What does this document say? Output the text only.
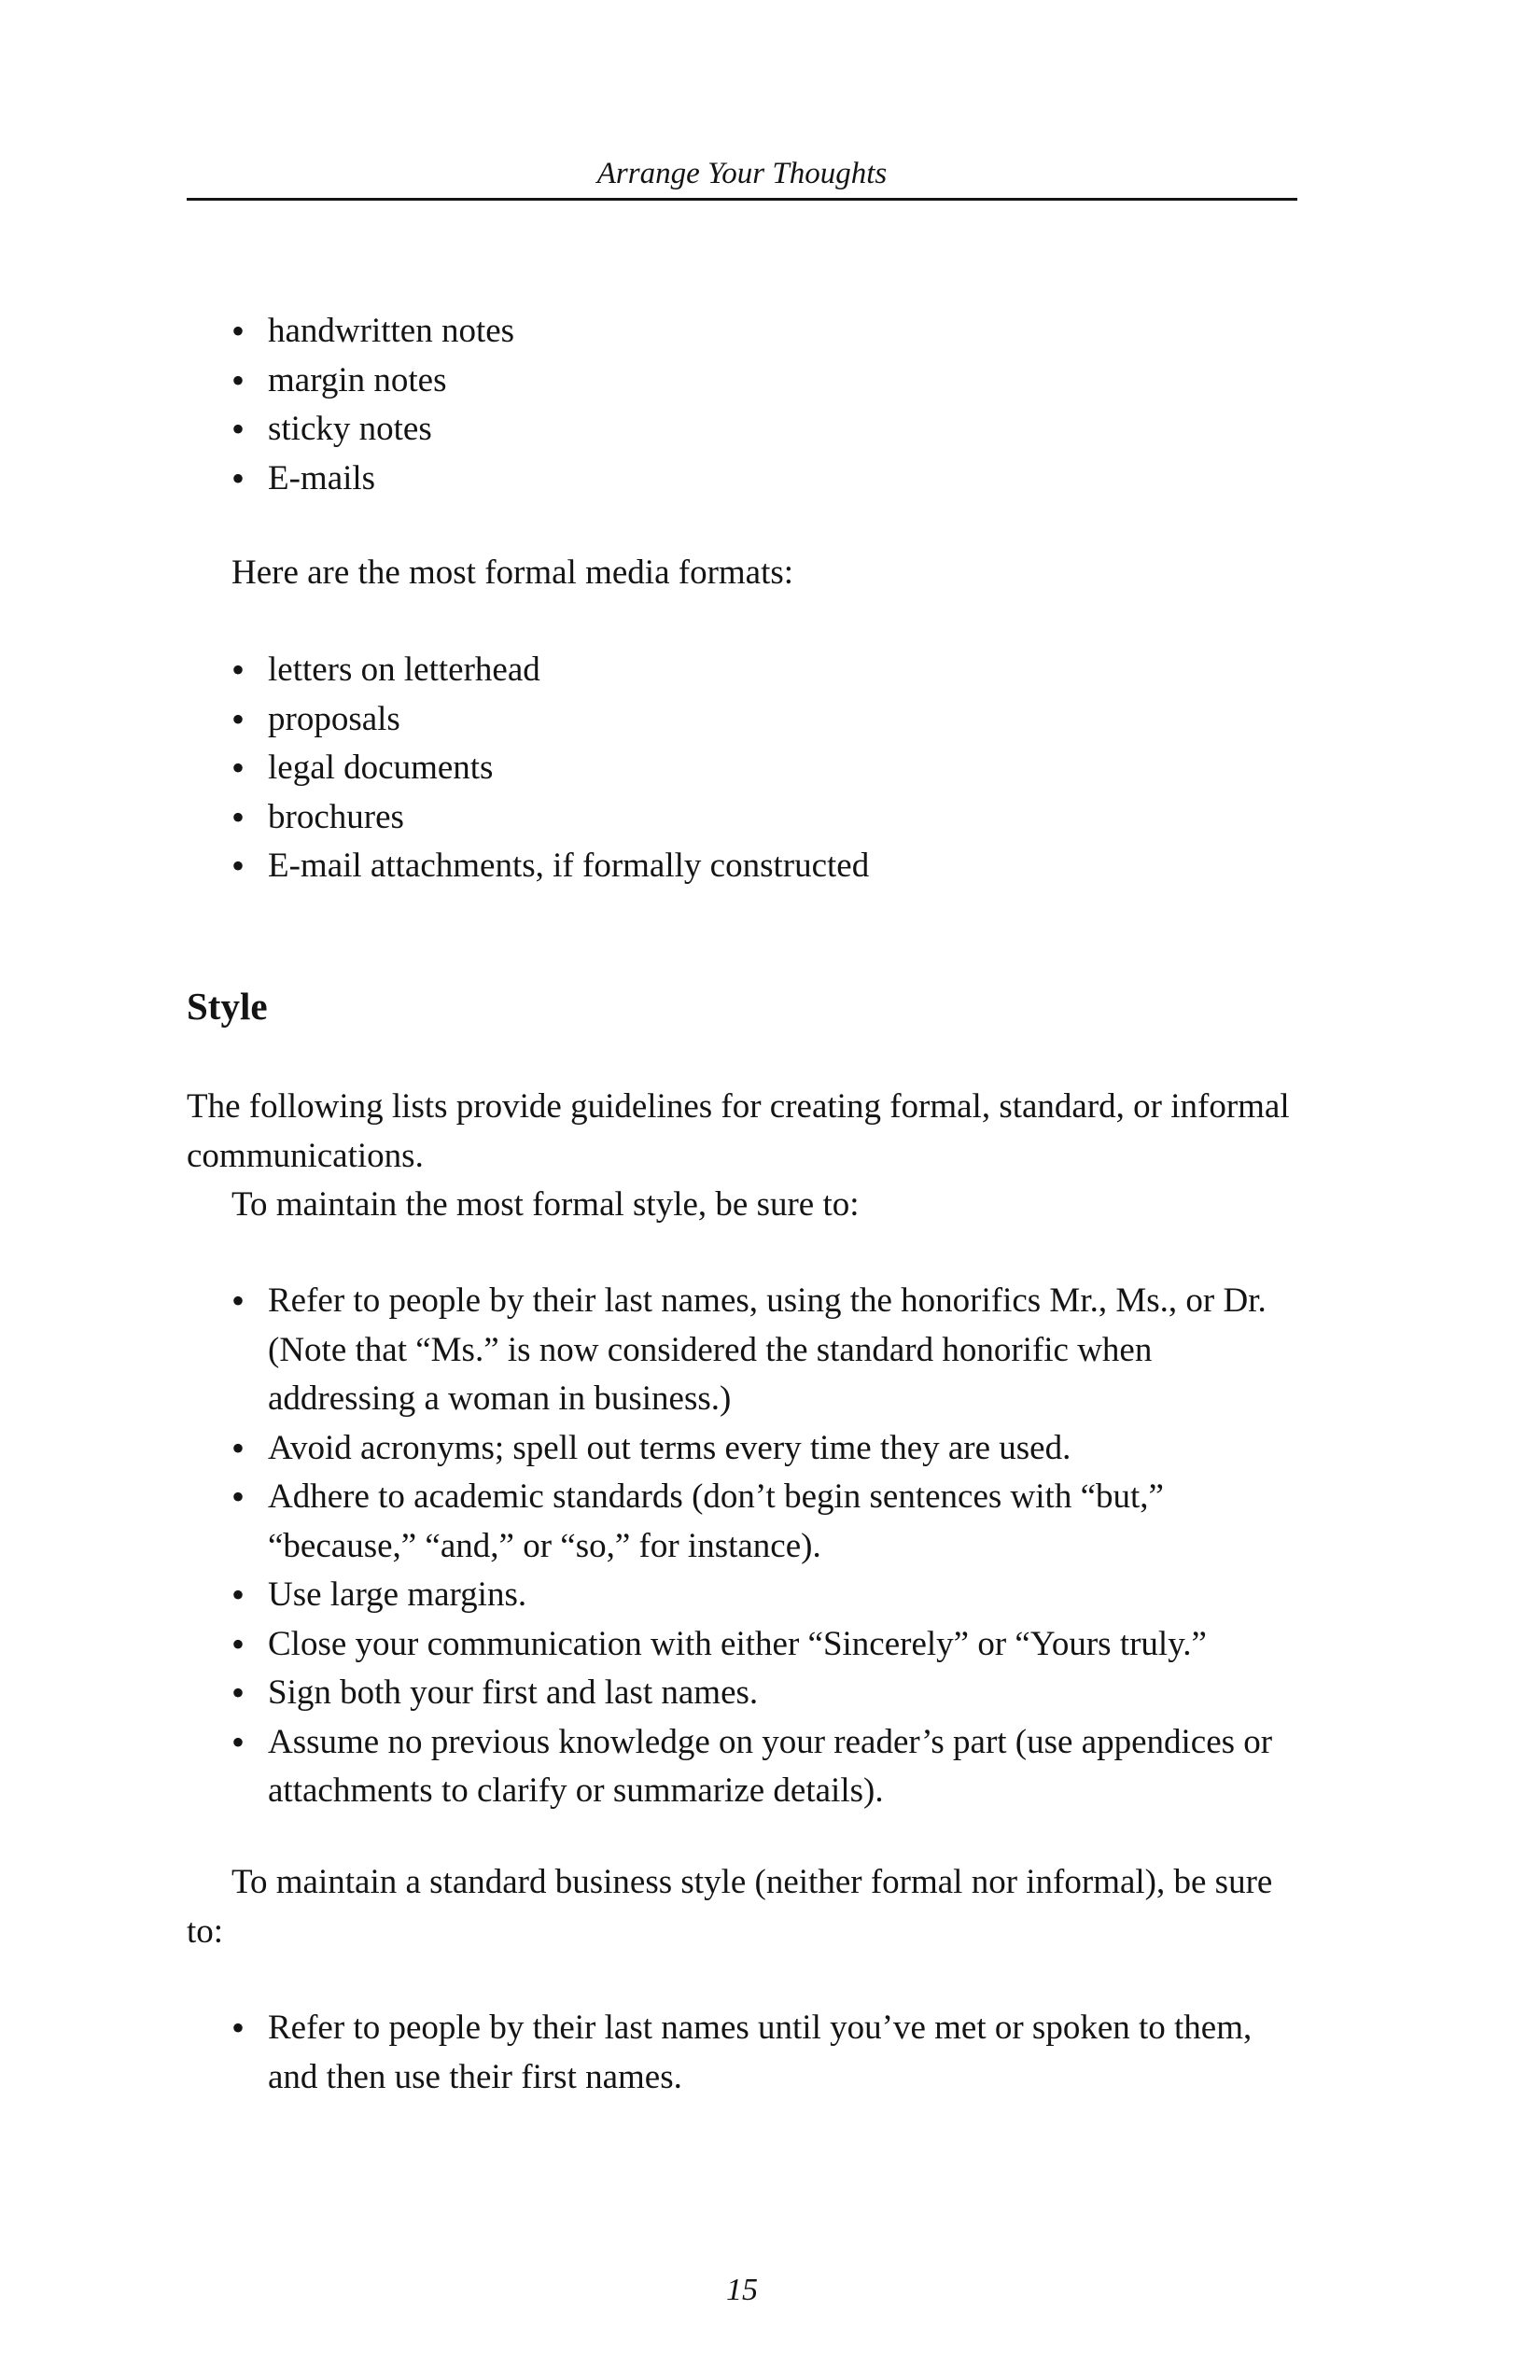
Arrange Your Thoughts
• handwritten notes
• margin notes
• sticky notes
• E-mails

Here are the most formal media formats:

• letters on letterhead
• proposals
• legal documents
• brochures
• E-mail attachments, if formally constructed
Style

The following lists provide guidelines for creating formal, standard, or informal communications.

To maintain the most formal style, be sure to:

• Refer to people by their last names, using the honorifics Mr., Ms., or Dr. (Note that “Ms.” is now considered the standard honorific when addressing a woman in business.)
• Avoid acronyms; spell out terms every time they are used.
• Adhere to academic standards (don’t begin sentences with “but,” “because,” “and,” or “so,” for instance).
• Use large margins.
• Close your communication with either “Sincerely” or “Yours truly.”
• Sign both your first and last names.
• Assume no previous knowledge on your reader’s part (use appendices or attachments to clarify or summarize details).

To maintain a standard business style (neither formal nor informal), be sure to:

• Refer to people by their last names until you’ve met or spoken to them, and then use their first names.
15
